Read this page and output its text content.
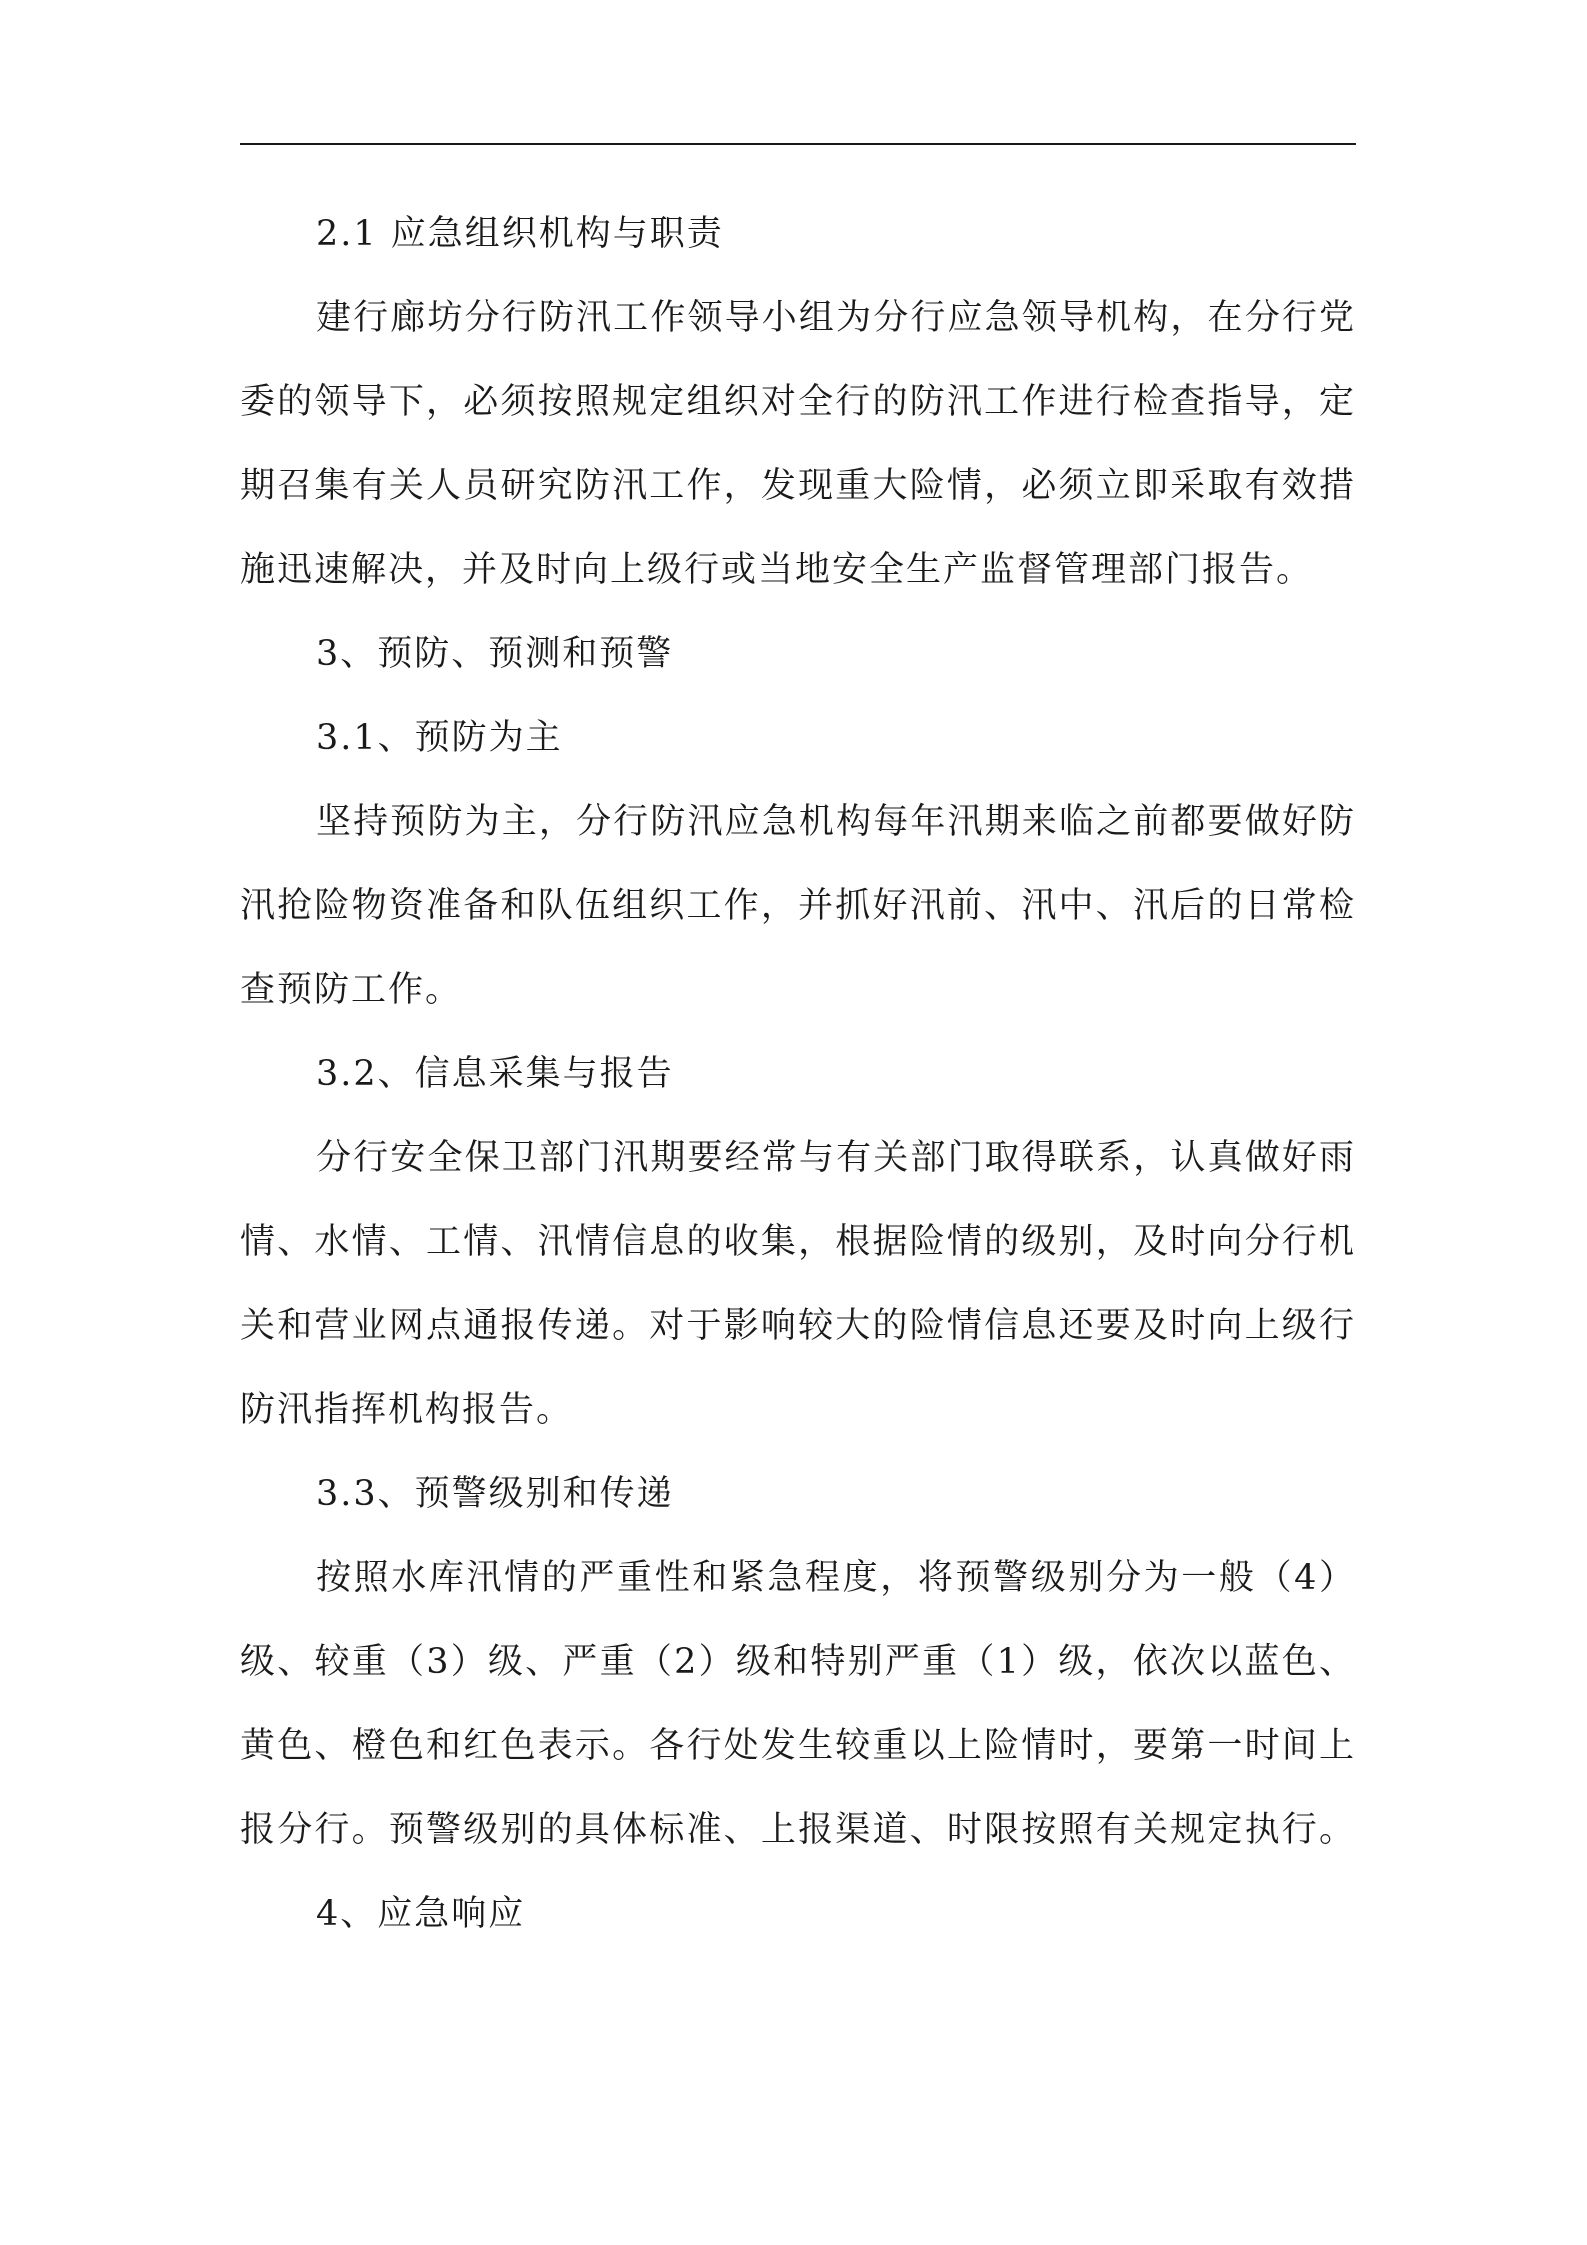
2.1 应急组织机构与职责
建行廊坊分行防汛工作领导小组为分行应急领导机构，在分行党
委的领导下，必须按照规定组织对全行的防汛工作进行检查指导，定
期召集有关人员研究防汛工作，发现重大险情，必须立即采取有效措
施迅速解决，并及时向上级行或当地安全生产监督管理部门报告。
3、预防、预测和预警
3.1、预防为主
坚持预防为主，分行防汛应急机构每年汛期来临之前都要做好防
汛抢险物资准备和队伍组织工作，并抓好汛前、汛中、汛后的日常检
查预防工作。
3.2、信息采集与报告
分行安全保卫部门汛期要经常与有关部门取得联系，认真做好雨
情、水情、工情、汛情信息的收集，根据险情的级别，及时向分行机
关和营业网点通报传递。对于影响较大的险情信息还要及时向上级行
防汛指挥机构报告。
3.3、预警级别和传递
按照水库汛情的严重性和紧急程度，将预警级别分为一般（4）
级、较重（3）级、严重（2）级和特别严重（1）级，依次以蓝色、
黄色、橙色和红色表示。各行处发生较重以上险情时，要第一时间上
报分行。预警级别的具体标准、上报渠道、时限按照有关规定执行。
4、应急响应
